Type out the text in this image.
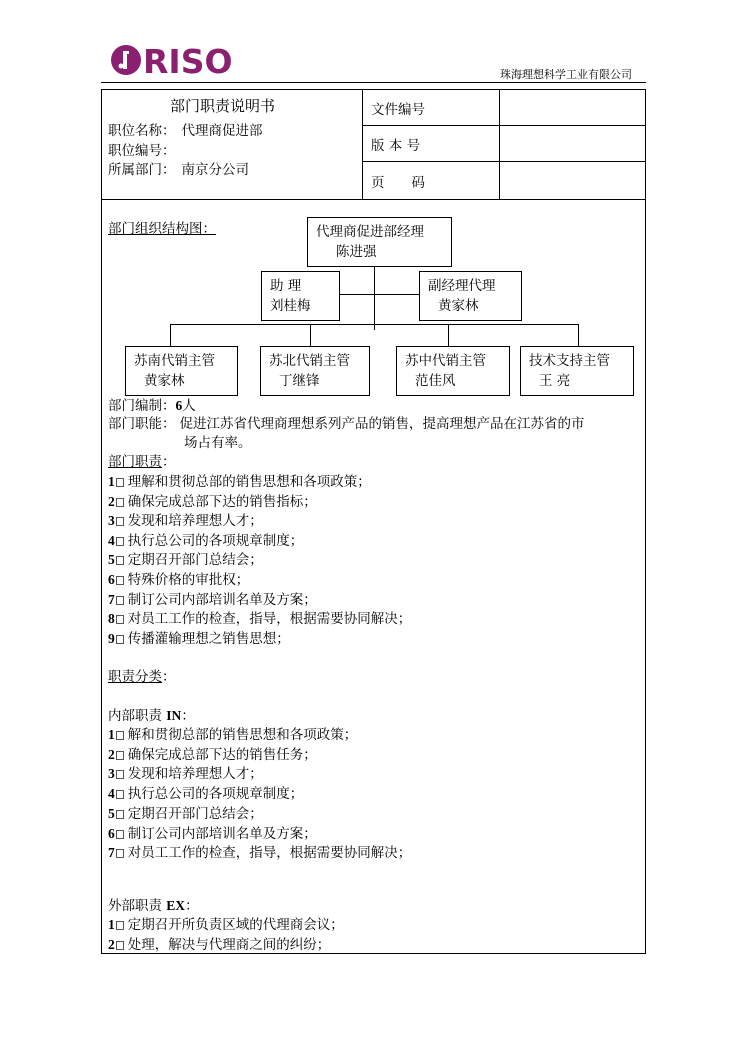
RISO	珠海理想科学工业有限公司
部门职责说明书
职位名称： 代理商促进部
职位编号：
所属部门： 南京分公司
文件编号
版 本 号
页　　码
部门组织结构图：	代理商促进部经理
陈进强
助 理
刘桂梅
副经理代理
黄家林
苏南代销主管
黄家林
苏北代销主管
丁继锋
苏中代销主管
范佳风
技术支持主管
王 亮
部门编制：6人
部门职能： 促进江苏省代理商理想系列产品的销售，提高理想产品在江苏省的市
场占有率。
部门职责：
1 理解和贯彻总部的销售思想和各项政策；
2 确保完成总部下达的销售指标；
3 发现和培养理想人才；
4 执行总公司的各项规章制度；
5 定期召开部门总结会；
6 特殊价格的审批权；
7 制订公司内部培训名单及方案；
8 对员工工作的检查，指导，根据需要协同解决；
9 传播灌输理想之销售思想；
职责分类：
内部职责 IN：
1 解和贯彻总部的销售思想和各项政策；
2 确保完成总部下达的销售任务；
3 发现和培养理想人才；
4 执行总公司的各项规章制度；
5 定期召开部门总结会；
6 制订公司内部培训名单及方案；
7 对员工工作的检查，指导，根据需要协同解决；
外部职责 EX：
1 定期召开所负责区域的代理商会议；
2 处理，解决与代理商之间的纠纷；
